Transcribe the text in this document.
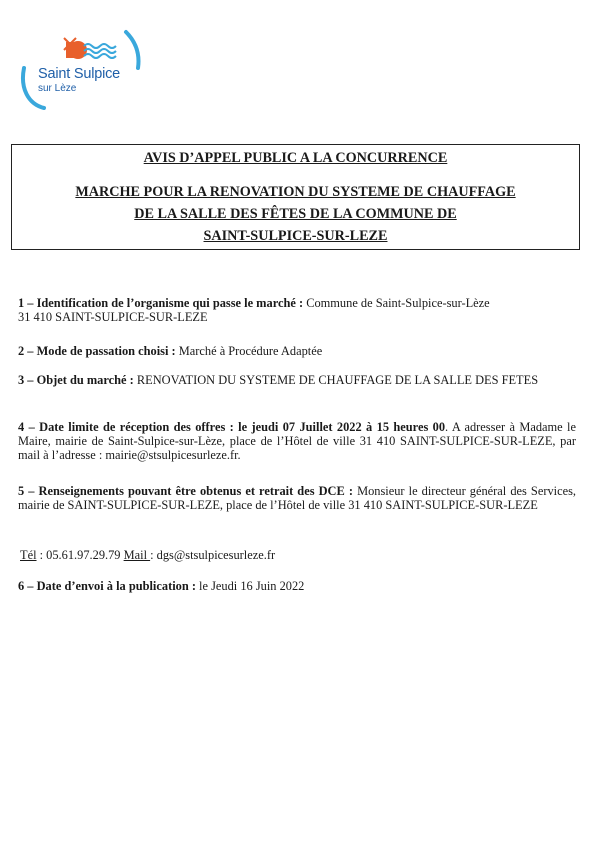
Saint Sulpice
sur Lèze

AVIS D’APPEL PUBLIC A LA CONCURRENCE

MARCHE POUR LA RENOVATION DU SYSTEME DE CHAUFFAGE

DE LA SALLE DES FÊTES DE LA COMMUNE DE

SAINT-SULPICE-SUR-LEZE

1 – Identification de l’organisme qui passe le marché : Commune de Saint-Sulpice-sur-Lèze
31 410 SAINT-SULPICE-SUR-LEZE
2 – Mode de passation choisi : Marché à Procédure Adaptée
3 – Objet du marché : RENOVATION DU SYSTEME DE CHAUFFAGE DE LA SALLE DES FETES
4 – Date limite de réception des offres : le jeudi 07 Juillet 2022 à 15 heures 00. A adresser à Madame le Maire, mairie de Saint-Sulpice-sur-Lèze, place de l’Hôtel de ville 31 410 SAINT-SULPICE-SUR-LEZE, par mail à l’adresse : mairie@stsulpicesurleze.fr.
5 – Renseignements pouvant être obtenus et retrait des DCE : Monsieur le directeur général des Services, mairie de SAINT-SULPICE-SUR-LEZE, place de l’Hôtel de ville 31 410 SAINT-SULPICE-SUR-LEZE
Tél : 05.61.97.29.79 Mail : dgs@stsulpicesurleze.fr
6 – Date d’envoi à la publication : le Jeudi 16 Juin 2022
